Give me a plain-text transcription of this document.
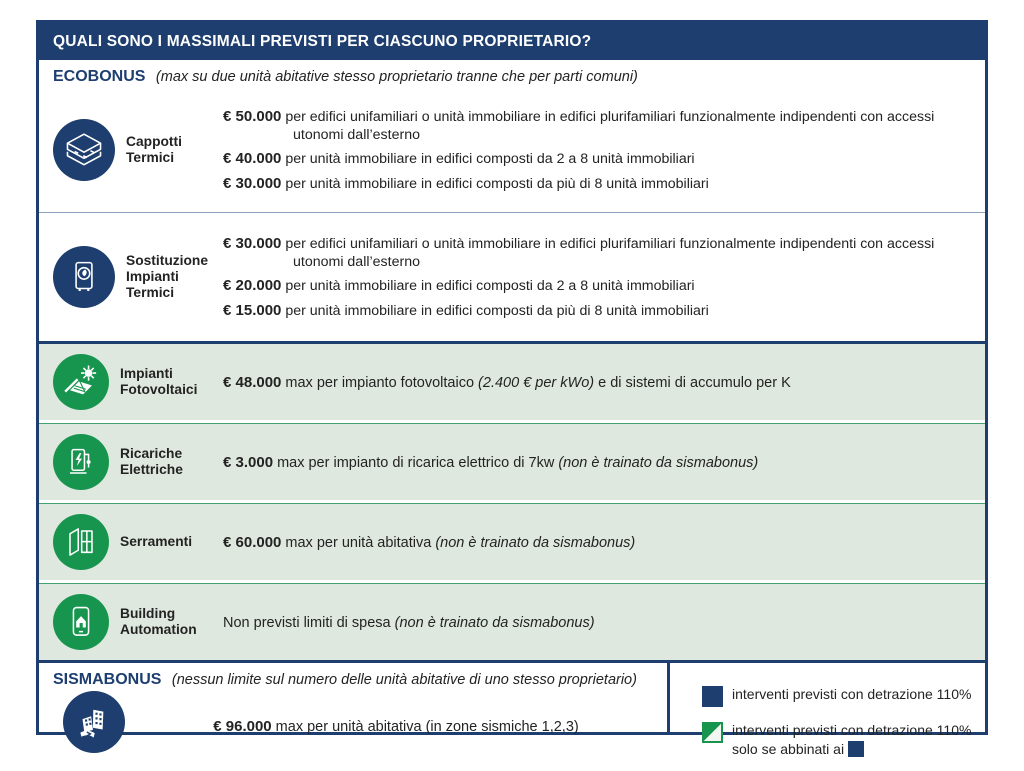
QUALI SONO I MASSIMALI PREVISTI PER CIASCUNO PROPRIETARIO?
ECOBONUS (max su due unità abitative stesso proprietario tranne che per parti comuni)
Cappotti Termici

€ 50.000 per edifici unifamiliari o unità immobiliare in edifici plurifamiliari funzionalmente indipendenti con accessi utonomi dall’esterno

€ 40.000 per unità immobiliare in edifici composti da 2 a 8 unità immobiliari

€ 30.000 per unità immobiliare in edifici composti da più di 8 unità immobiliari

Sostituzione Impianti Termici

€ 30.000 per edifici unifamiliari o unità immobiliare in edifici plurifamiliari funzionalmente indipendenti con accessi utonomi dall’esterno

€ 20.000 per unità immobiliare in edifici composti da 2 a 8 unità immobiliari

€ 15.000 per unità immobiliare in edifici composti da più di 8 unità immobiliari

Impianti Fotovoltaici	€ 48.000 max per impianto fotovoltaico (2.400 € per kWo) e di sistemi di accumulo per K
Ricariche Elettriche	€ 3.000 max per impianto di ricarica elettrico di 7kw (non è trainato da sismabonus)
Serramenti	€ 60.000 max per unità abitativa (non è trainato da sismabonus)
Building Automation	Non previsti limiti di spesa (non è trainato da sismabonus)
SISMABONUS (nessun limite sul numero delle unità abitative di uno stesso proprietario)
€ 96.000 max per unità abitativa (in zone sismiche 1,2,3)
interventi previsti con detrazione 110%
interventi previsti con detrazione 110%
solo se abbinati ai
